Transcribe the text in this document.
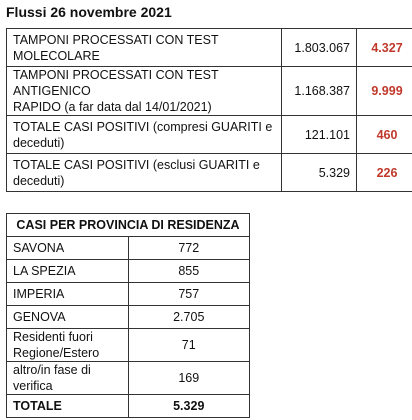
Flussi 26 novembre 2021
TAMPONI PROCESSATI CON TEST
MOLECOLARE	1.803.067	4.327
TAMPONI PROCESSATI CON TEST ANTIGENICO
RAPIDO (a far data dal 14/01/2021)	1.168.387	9.999
TOTALE CASI POSITIVI (compresi GUARITI e
deceduti)	121.101	460
TOTALE CASI POSITIVI (esclusi GUARITI e
deceduti)	5.329	226
CASI PER PROVINCIA DI RESIDENZA	
SAVONA	772
LA SPEZIA	855
IMPERIA	757
GENOVA	2.705
Residenti fuori Regione/Estero	71
altro/in fase di verifica	169
TOTALE	5.329
